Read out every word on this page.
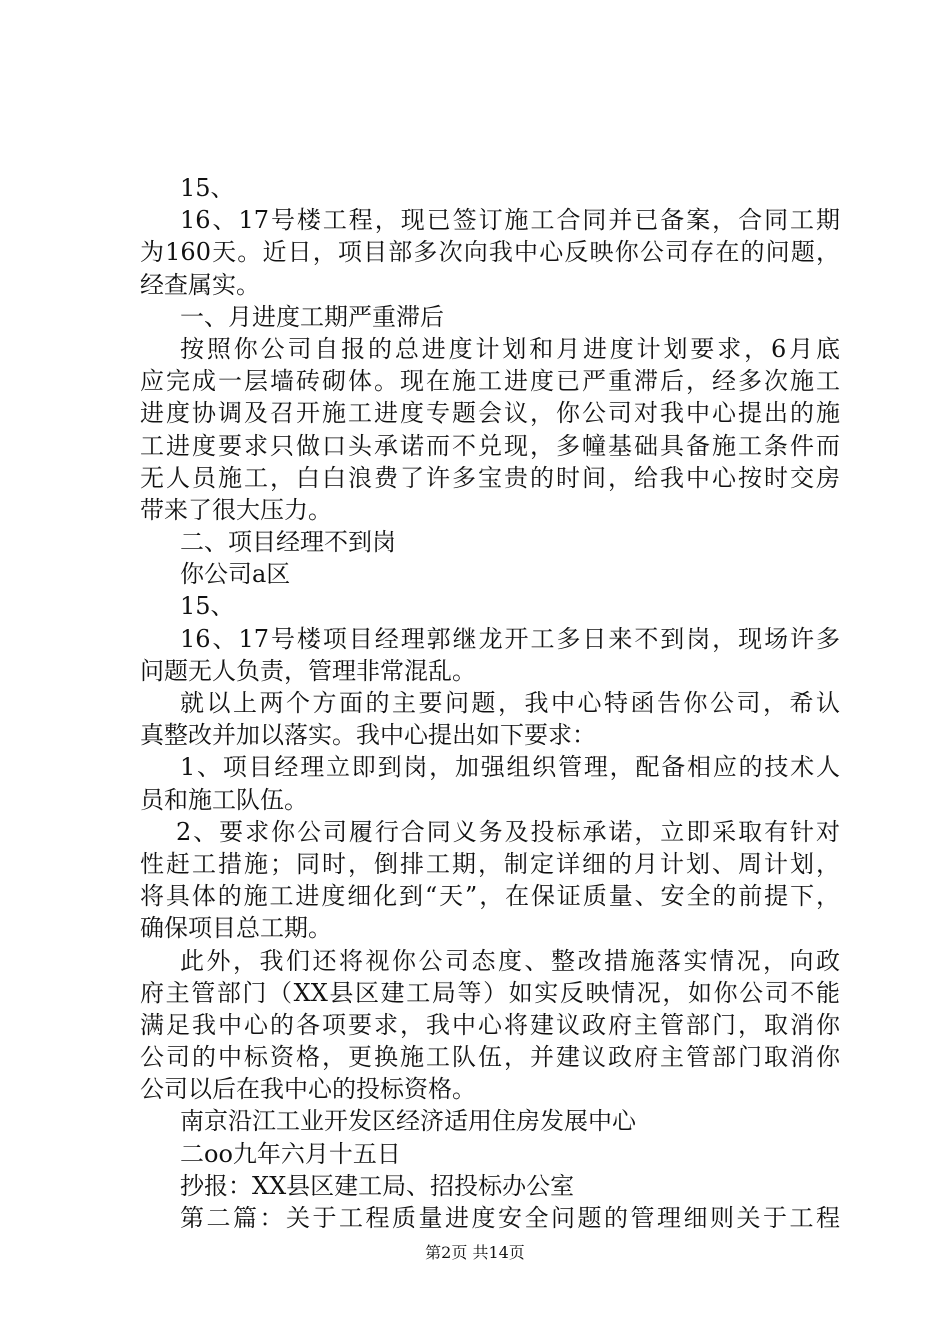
15、

16、17号楼工程，现已签订施工合同并已备案，合同工期

为160天。近日，项目部多次向我中心反映你公司存在的问题，

经查属实。

一、月进度工期严重滞后

按照你公司自报的总进度计划和月进度计划要求，6月底

应完成一层墙砖砌体。现在施工进度已严重滞后，经多次施工

进度协调及召开施工进度专题会议，你公司对我中心提出的施

工进度要求只做口头承诺而不兑现，多幢基础具备施工条件而

无人员施工，白白浪费了许多宝贵的时间，给我中心按时交房

带来了很大压力。

二、项目经理不到岗

你公司a区

15、

16、17号楼项目经理郭继龙开工多日来不到岗，现场许多

问题无人负责，管理非常混乱。

就以上两个方面的主要问题，我中心特函告你公司，希认

真整改并加以落实。我中心提出如下要求：

1、项目经理立即到岗，加强组织管理，配备相应的技术人

员和施工队伍。

2、要求你公司履行合同义务及投标承诺，立即采取有针对

性赶工措施；同时，倒排工期，制定详细的月计划、周计划，

将具体的施工进度细化到“天”，在保证质量、安全的前提下，

确保项目总工期。

此外，我们还将视你公司态度、整改措施落实情况，向政

府主管部门（XX县区建工局等）如实反映情况，如你公司不能

满足我中心的各项要求，我中心将建议政府主管部门，取消你

公司的中标资格，更换施工队伍，并建议政府主管部门取消你

公司以后在我中心的投标资格。

南京沿江工业开发区经济适用住房发展中心

二oo九年六月十五日

抄报：XX县区建工局、招投标办公室

第二篇：关于工程质量进度安全问题的管理细则关于工程

第2页 共14页
